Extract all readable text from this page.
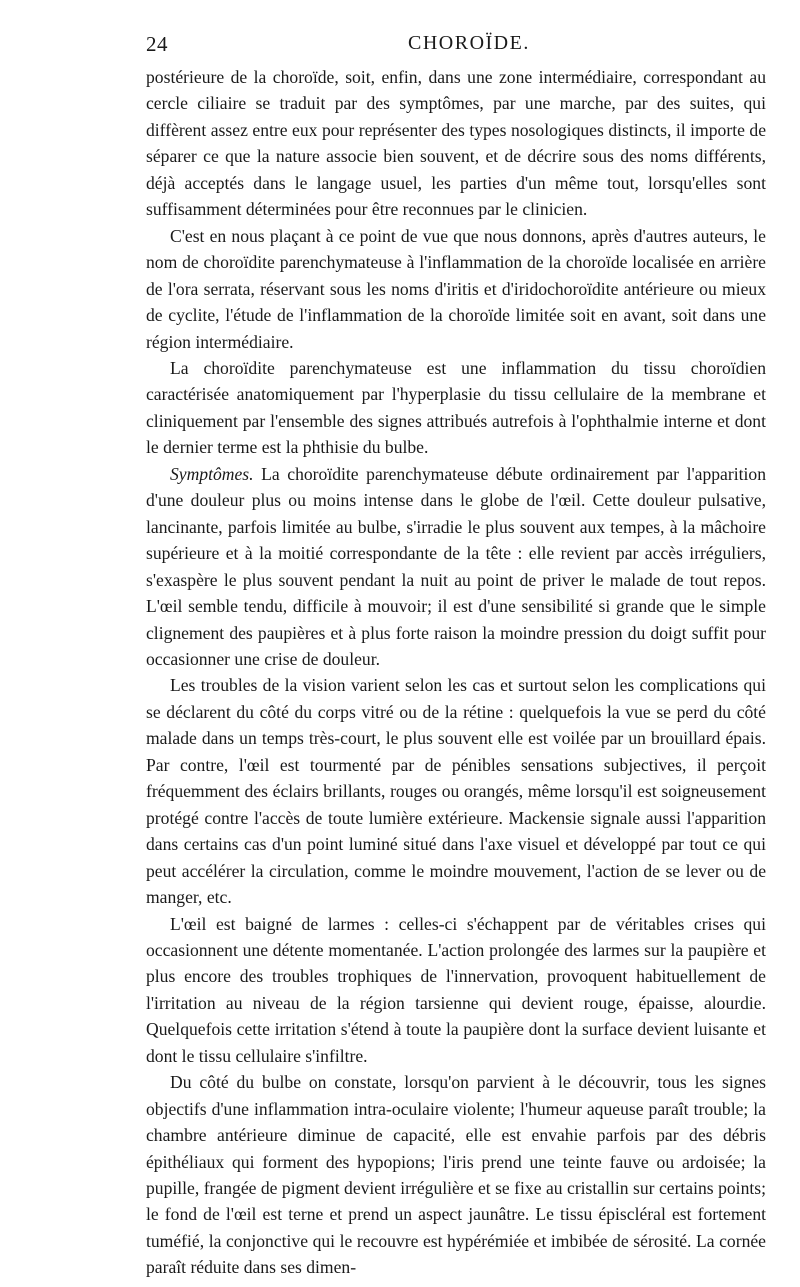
24	CHOROÏDE.

postérieure de la choroïde, soit, enfin, dans une zone intermédiaire, correspondant au cercle ciliaire se traduit par des symptômes, par une marche, par des suites, qui diffèrent assez entre eux pour représenter des types nosologiques distincts, il importe de séparer ce que la nature associe bien souvent, et de décrire sous des noms différents, déjà acceptés dans le langage usuel, les parties d'un même tout, lorsqu'elles sont suffisamment déterminées pour être reconnues par le clinicien.

C'est en nous plaçant à ce point de vue que nous donnons, après d'autres auteurs, le nom de choroïdite parenchymateuse à l'inflammation de la choroïde localisée en arrière de l'ora serrata, réservant sous les noms d'iritis et d'iridochoroïdite antérieure ou mieux de cyclite, l'étude de l'inflammation de la choroïde limitée soit en avant, soit dans une région intermédiaire.

La choroïdite parenchymateuse est une inflammation du tissu choroïdien caractérisée anatomiquement par l'hyperplasie du tissu cellulaire de la membrane et cliniquement par l'ensemble des signes attribués autrefois à l'ophthalmie interne et dont le dernier terme est la phthisie du bulbe.

Symptômes. La choroïdite parenchymateuse débute ordinairement par l'apparition d'une douleur plus ou moins intense dans le globe de l'œil. Cette douleur pulsative, lancinante, parfois limitée au bulbe, s'irradie le plus souvent aux tempes, à la mâchoire supérieure et à la moitié correspondante de la tête : elle revient par accès irréguliers, s'exaspère le plus souvent pendant la nuit au point de priver le malade de tout repos. L'œil semble tendu, difficile à mouvoir; il est d'une sensibilité si grande que le simple clignement des paupières et à plus forte raison la moindre pression du doigt suffit pour occasionner une crise de douleur.

Les troubles de la vision varient selon les cas et surtout selon les complications qui se déclarent du côté du corps vitré ou de la rétine : quelquefois la vue se perd du côté malade dans un temps très-court, le plus souvent elle est voilée par un brouillard épais. Par contre, l'œil est tourmenté par de pénibles sensations subjectives, il perçoit fréquemment des éclairs brillants, rouges ou orangés, même lorsqu'il est soigneusement protégé contre l'accès de toute lumière extérieure. Mackensie signale aussi l'apparition dans certains cas d'un point luminé situé dans l'axe visuel et développé par tout ce qui peut accélérer la circulation, comme le moindre mouvement, l'action de se lever ou de manger, etc.

L'œil est baigné de larmes : celles-ci s'échappent par de véritables crises qui occasionnent une détente momentanée. L'action prolongée des larmes sur la paupière et plus encore des troubles trophiques de l'innervation, provoquent habituellement de l'irritation au niveau de la région tarsienne qui devient rouge, épaisse, alourdie. Quelquefois cette irritation s'étend à toute la paupière dont la surface devient luisante et dont le tissu cellulaire s'infiltre.

Du côté du bulbe on constate, lorsqu'on parvient à le découvrir, tous les signes objectifs d'une inflammation intra-oculaire violente; l'humeur aqueuse paraît trouble; la chambre antérieure diminue de capacité, elle est envahie parfois par des débris épithéliaux qui forment des hypopions; l'iris prend une teinte fauve ou ardoisée; la pupille, frangée de pigment devient irrégulière et se fixe au cristallin sur certains points; le fond de l'œil est terne et prend un aspect jaunâtre. Le tissu épiscléral est fortement tuméfié, la conjonctive qui le recouvre est hypérémiée et imbibée de sérosité. La cornée paraît réduite dans ses dimen-
